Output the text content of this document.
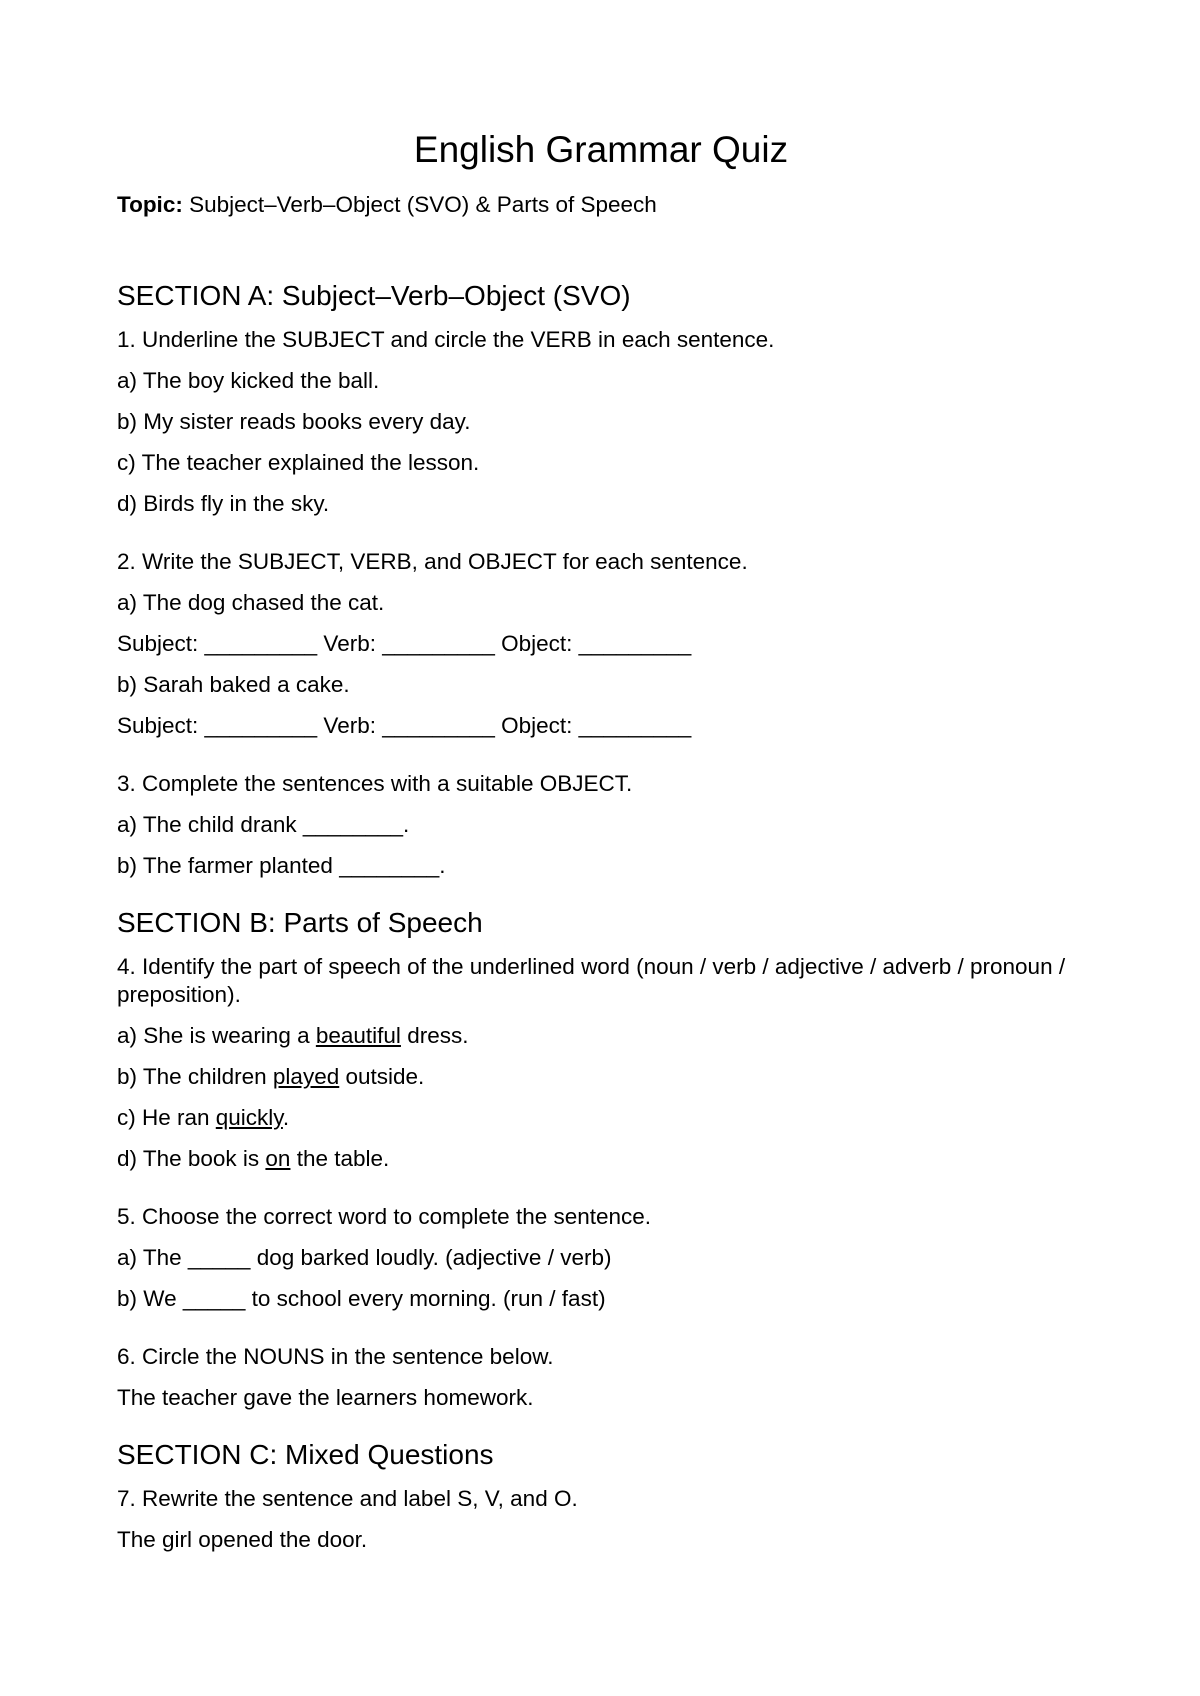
English Grammar Quiz

Topic: Subject–Verb–Object (SVO) & Parts of Speech

SECTION A: Subject–Verb–Object (SVO)

1. Underline the SUBJECT and circle the VERB in each sentence.

a) The boy kicked the ball.

b) My sister reads books every day.

c) The teacher explained the lesson.

d) Birds fly in the sky.

2. Write the SUBJECT, VERB, and OBJECT for each sentence.

a) The dog chased the cat.

Subject: _________ Verb: _________ Object: _________

b) Sarah baked a cake.

Subject: _________ Verb: _________ Object: _________

3. Complete the sentences with a suitable OBJECT.

a) The child drank ________.

b) The farmer planted ________.

SECTION B: Parts of Speech

4. Identify the part of speech of the underlined word (noun / verb / adjective / adverb / pronoun / preposition).

a) She is wearing a beautiful dress.

b) The children played outside.

c) He ran quickly.

d) The book is on the table.

5. Choose the correct word to complete the sentence.

a) The _____ dog barked loudly. (adjective / verb)

b) We _____ to school every morning. (run / fast)

6. Circle the NOUNS in the sentence below.

The teacher gave the learners homework.

SECTION C: Mixed Questions

7. Rewrite the sentence and label S, V, and O.

The girl opened the door.
